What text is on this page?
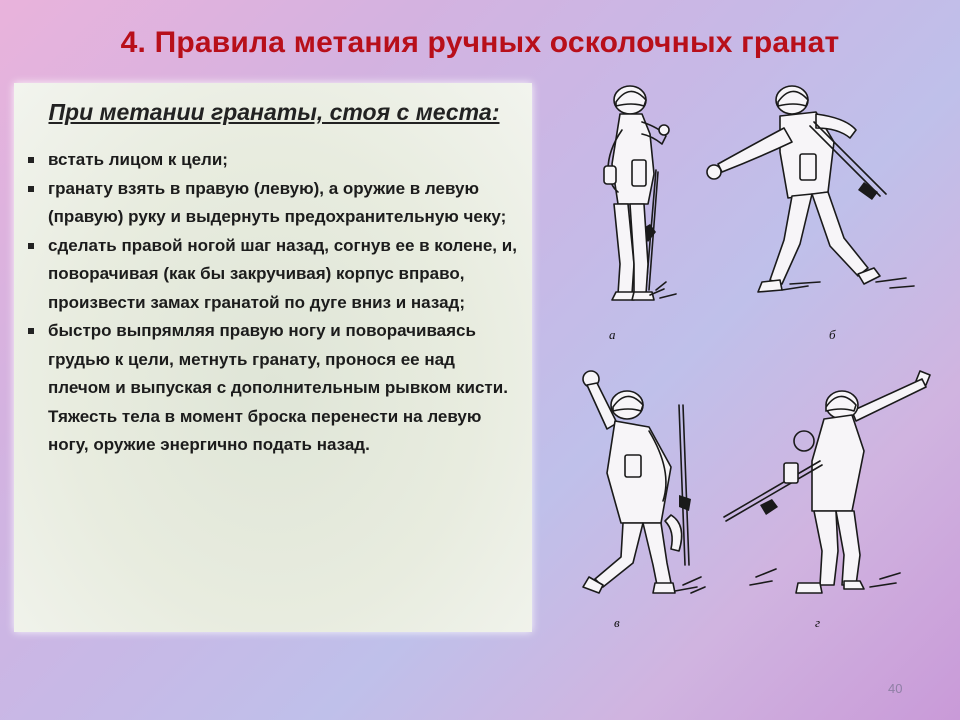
4. Правила метания ручных осколочных гранат
При метании гранаты, стоя с места:
встать лицом к цели;
гранату взять в правую (левую), а оружие в левую (правую) руку и выдернуть предохранительную чеку;
сделать правой ногой шаг назад, согнув ее в колене, и, поворачивая (как бы закручивая) корпус вправо, произвести замах гранатой по дуге вниз и назад;
быстро выпрямляя правую ногу и поворачиваясь грудью к цели, метнуть гранату, пронося ее над плечом и выпуская с дополнительным рывком кисти. Тяжесть тела в момент броска перенести на левую ногу, оружие энергично подать назад.
а	б
в	г
40
